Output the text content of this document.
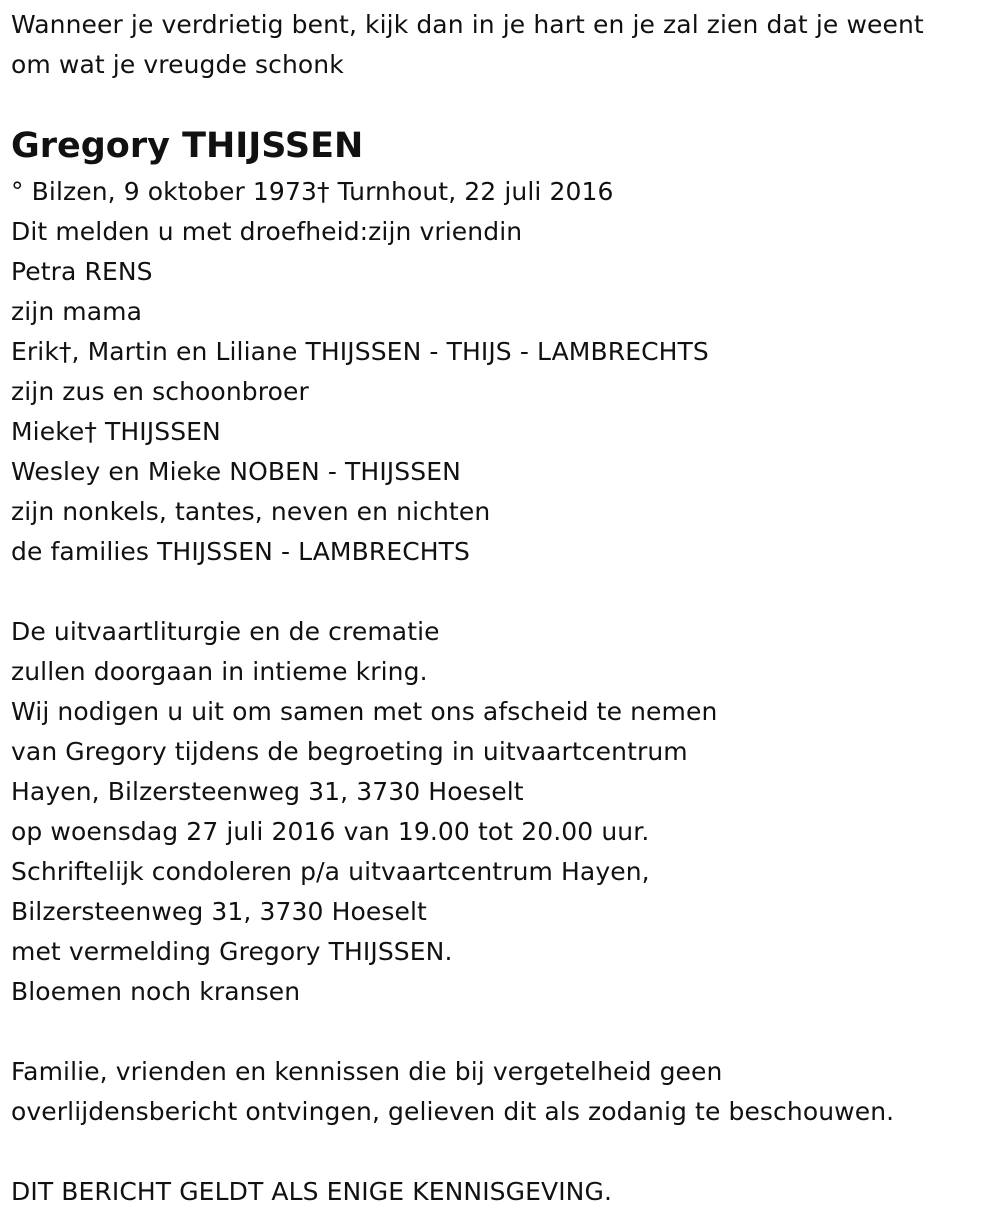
Wanneer je verdrietig bent, kijk dan in je hart en je zal zien dat je weent
om wat je vreugde schonk
Gregory THIJSSEN
° Bilzen, 9 oktober 1973† Turnhout, 22 juli 2016
Dit melden u met droefheid:zijn vriendin
Petra RENS
zijn mama
Erik†, Martin en Liliane THIJSSEN - THIJS - LAMBRECHTS
zijn zus en schoonbroer
Mieke† THIJSSEN
Wesley en Mieke NOBEN - THIJSSEN
zijn nonkels, tantes, neven en nichten
de families THIJSSEN - LAMBRECHTS
De uitvaartliturgie en de crematie
zullen doorgaan in intieme kring.
Wij nodigen u uit om samen met ons afscheid te nemen
van Gregory tijdens de begroeting in uitvaartcentrum
Hayen, Bilzersteenweg 31, 3730 Hoeselt
op woensdag 27 juli 2016 van 19.00 tot 20.00 uur.
Schriftelijk condoleren p/a uitvaartcentrum Hayen,
Bilzersteenweg 31, 3730 Hoeselt
met vermelding Gregory THIJSSEN.
Bloemen noch kransen
Familie, vrienden en kennissen die bij vergetelheid geen
overlijdensbericht ontvingen, gelieven dit als zodanig te beschouwen.
DIT BERICHT GELDT ALS ENIGE KENNISGEVING.
